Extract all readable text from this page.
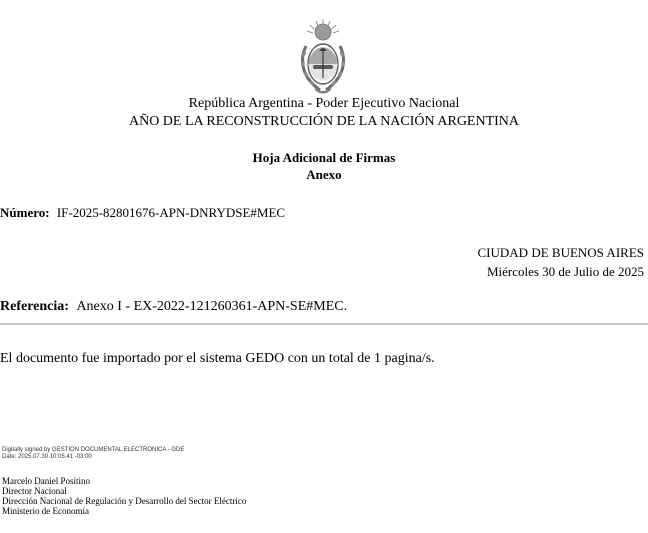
República Argentina - Poder Ejecutivo Nacional
AÑO DE LA RECONSTRUCCIÓN DE LA NACIÓN ARGENTINA
Hoja Adicional de Firmas
Anexo
Número: IF-2025-82801676-APN-DNRYDSE#MEC
CIUDAD DE BUENOS AIRES
Miércoles 30 de Julio de 2025
Referencia: Anexo I - EX-2022-121260361-APN-SE#MEC.
El documento fue importado por el sistema GEDO con un total de 1 pagina/s.
Digitally signed by GESTION DOCUMENTAL ELECTRONICA - GDE
Date: 2025.07.30 10:05:41 -03:00
Marcelo Daniel Positino
Director Nacional
Dirección Nacional de Regulación y Desarrollo del Sector Eléctrico
Ministerio de Economía
